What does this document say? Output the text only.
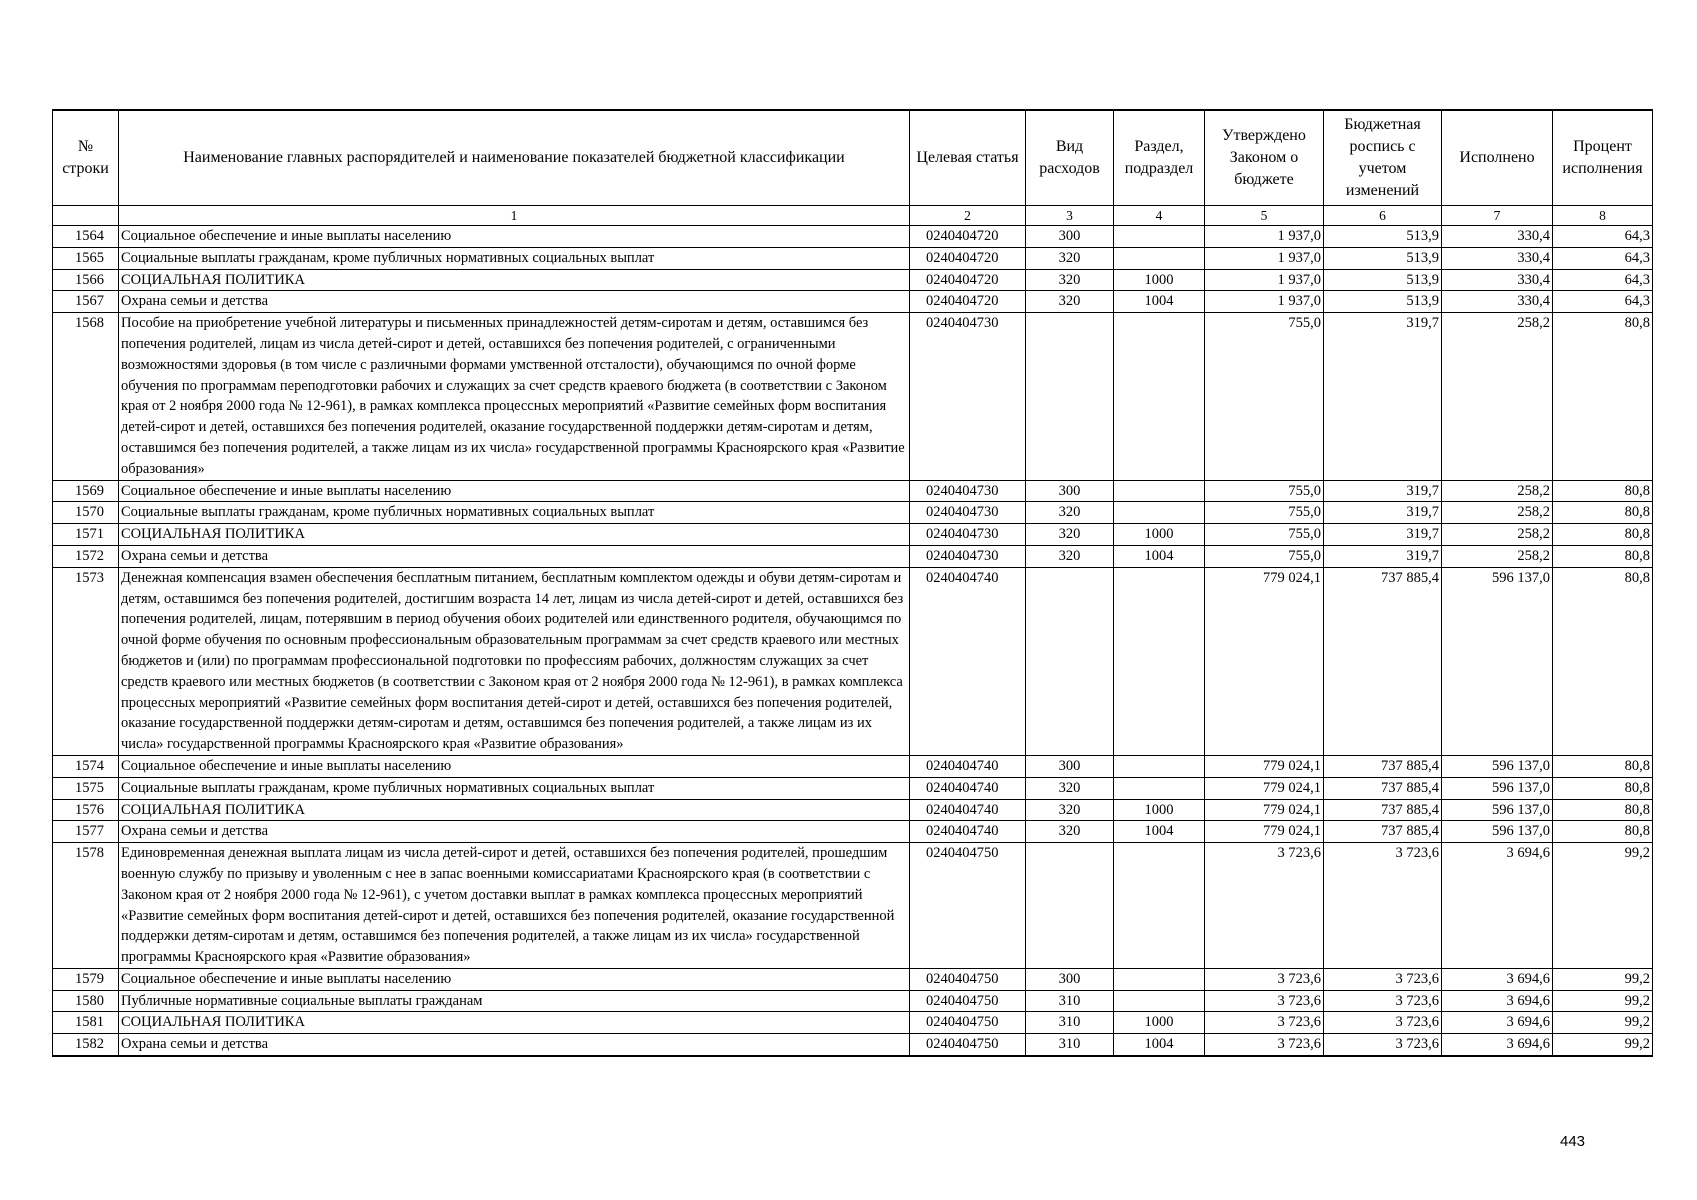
№ строки	Наименование главных распорядителей и наименование показателей бюджетной классификации	Целевая статья	Вид расходов	Раздел, подраздел	Утверждено Законом о бюджете	Бюджетная роспись с учетом изменений	Исполнено	Процент исполнения
	1	2	3	4	5	6	7	8
1564	Социальное обеспечение и иные выплаты населению	0240404720	300		1 937,0	513,9	330,4	64,3
1565	Социальные выплаты гражданам, кроме публичных нормативных социальных выплат	0240404720	320		1 937,0	513,9	330,4	64,3
1566	СОЦИАЛЬНАЯ ПОЛИТИКА	0240404720	320	1000	1 937,0	513,9	330,4	64,3
1567	Охрана семьи и детства	0240404720	320	1004	1 937,0	513,9	330,4	64,3
1568	Пособие на приобретение учебной литературы и письменных принадлежностей детям-сиротам и детям, оставшимся без попечения родителей, лицам из числа детей-сирот и детей, оставшихся без попечения родителей, с ограниченными возможностями здоровья (в том числе с различными формами умственной отсталости), обучающимся по очной форме обучения по программам переподготовки рабочих и служащих за счет средств краевого бюджета (в соответствии с Законом края от 2 ноября 2000 года № 12-961), в рамках комплекса процессных мероприятий «Развитие семейных форм воспитания детей-сирот и детей, оставшихся без попечения родителей, оказание государственной поддержки детям-сиротам и детям, оставшимся без попечения родителей, а также лицам из их числа» государственной программы Красноярского края «Развитие образования»	0240404730			755,0	319,7	258,2	80,8
1569	Социальное обеспечение и иные выплаты населению	0240404730	300		755,0	319,7	258,2	80,8
1570	Социальные выплаты гражданам, кроме публичных нормативных социальных выплат	0240404730	320		755,0	319,7	258,2	80,8
1571	СОЦИАЛЬНАЯ ПОЛИТИКА	0240404730	320	1000	755,0	319,7	258,2	80,8
1572	Охрана семьи и детства	0240404730	320	1004	755,0	319,7	258,2	80,8
1573	Денежная компенсация взамен обеспечения бесплатным питанием, бесплатным комплектом одежды и обуви детям-сиротам и детям, оставшимся без попечения родителей, достигшим возраста 14 лет, лицам из числа детей-сирот и детей, оставшихся без попечения родителей, лицам, потерявшим в период обучения обоих родителей или единственного родителя, обучающимся по очной форме обучения по основным профессиональным образовательным программам за счет средств краевого или местных бюджетов и (или) по программам профессиональной подготовки по профессиям рабочих, должностям служащих за счет средств краевого или местных бюджетов (в соответствии с Законом края от 2 ноября 2000 года № 12-961), в рамках комплекса процессных мероприятий «Развитие семейных форм воспитания детей-сирот и детей, оставшихся без попечения родителей, оказание государственной поддержки детям-сиротам и детям, оставшимся без попечения родителей, а также лицам из их числа» государственной программы Красноярского края «Развитие образования»	0240404740			779 024,1	737 885,4	596 137,0	80,8
1574	Социальное обеспечение и иные выплаты населению	0240404740	300		779 024,1	737 885,4	596 137,0	80,8
1575	Социальные выплаты гражданам, кроме публичных нормативных социальных выплат	0240404740	320		779 024,1	737 885,4	596 137,0	80,8
1576	СОЦИАЛЬНАЯ ПОЛИТИКА	0240404740	320	1000	779 024,1	737 885,4	596 137,0	80,8
1577	Охрана семьи и детства	0240404740	320	1004	779 024,1	737 885,4	596 137,0	80,8
1578	Единовременная денежная выплата лицам из числа детей-сирот и детей, оставшихся без попечения родителей, прошедшим военную службу по призыву и уволенным с нее в запас военными комиссариатами Красноярского края (в соответствии с Законом края от 2 ноября 2000 года № 12-961), с учетом доставки выплат в рамках комплекса процессных мероприятий «Развитие семейных форм воспитания детей-сирот и детей, оставшихся без попечения родителей, оказание государственной поддержки детям-сиротам и детям, оставшимся без попечения родителей, а также лицам из их числа» государственной программы Красноярского края «Развитие образования»	0240404750			3 723,6	3 723,6	3 694,6	99,2
1579	Социальное обеспечение и иные выплаты населению	0240404750	300		3 723,6	3 723,6	3 694,6	99,2
1580	Публичные нормативные социальные выплаты гражданам	0240404750	310		3 723,6	3 723,6	3 694,6	99,2
1581	СОЦИАЛЬНАЯ ПОЛИТИКА	0240404750	310	1000	3 723,6	3 723,6	3 694,6	99,2
1582	Охрана семьи и детства	0240404750	310	1004	3 723,6	3 723,6	3 694,6	99,2
443
